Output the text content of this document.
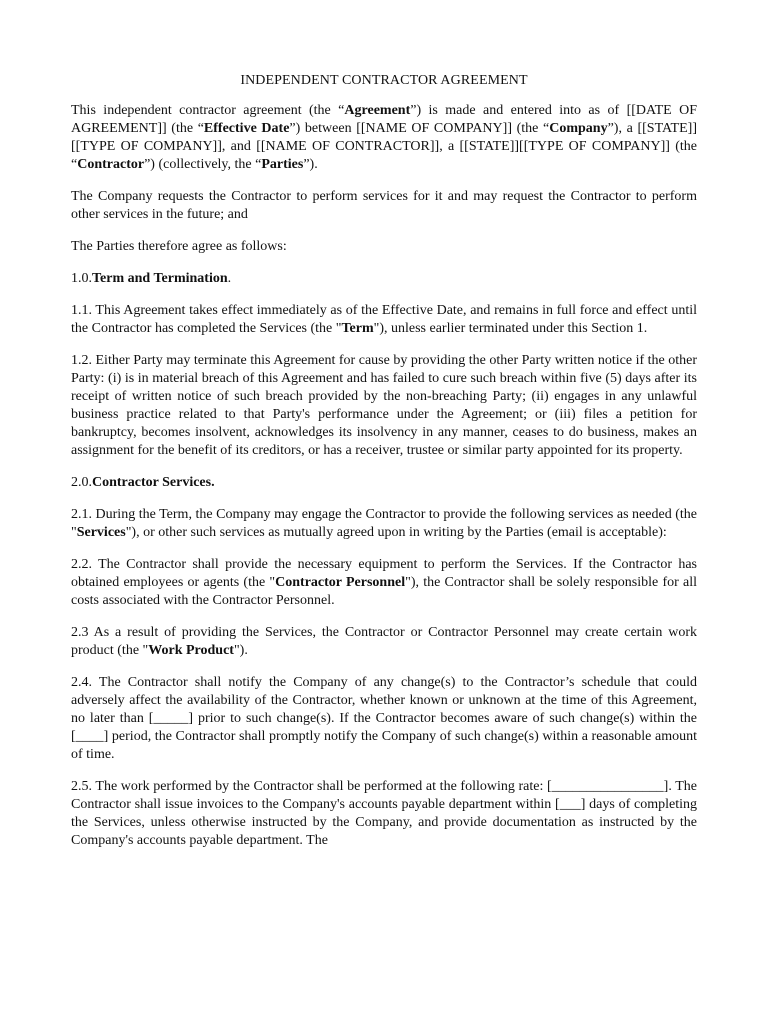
INDEPENDENT CONTRACTOR AGREEMENT

This independent contractor agreement (the “Agreement”) is made and entered into as of [[DATE OF AGREEMENT]] (the “Effective Date”) between [[NAME OF COMPANY]] (the “Company”), a [[STATE]][[TYPE OF COMPANY]], and [[NAME OF CONTRACTOR]], a [[STATE]][[TYPE OF COMPANY]] (the “Contractor”) (collectively, the “Parties”).

The Company requests the Contractor to perform services for it and may request the Contractor to perform other services in the future; and

The Parties therefore agree as follows:

1.0.Term and Termination.

1.1. This Agreement takes effect immediately as of the Effective Date, and remains in full force and effect until the Contractor has completed the Services (the "Term"), unless earlier terminated under this Section 1.

1.2. Either Party may terminate this Agreement for cause by providing the other Party written notice if the other Party: (i) is in material breach of this Agreement and has failed to cure such breach within five (5) days after its receipt of written notice of such breach provided by the non-breaching Party; (ii) engages in any unlawful business practice related to that Party's performance under the Agreement; or (iii) files a petition for bankruptcy, becomes insolvent, acknowledges its insolvency in any manner, ceases to do business, makes an assignment for the benefit of its creditors, or has a receiver, trustee or similar party appointed for its property.

2.0.Contractor Services.

2.1. During the Term, the Company may engage the Contractor to provide the following services as needed (the "Services"), or other such services as mutually agreed upon in writing by the Parties (email is acceptable):

2.2. The Contractor shall provide the necessary equipment to perform the Services. If the Contractor has obtained employees or agents (the "Contractor Personnel"), the Contractor shall be solely responsible for all costs associated with the Contractor Personnel.

2.3 As a result of providing the Services, the Contractor or Contractor Personnel may create certain work product (the "Work Product").

2.4. The Contractor shall notify the Company of any change(s) to the Contractor’s schedule that could adversely affect the availability of the Contractor, whether known or unknown at the time of this Agreement, no later than [_____] prior to such change(s). If the Contractor becomes aware of such change(s) within the [____] period, the Contractor shall promptly notify the Company of such change(s) within a reasonable amount of time.

2.5. The work performed by the Contractor shall be performed at the following rate: [________________]. The Contractor shall issue invoices to the Company's accounts payable department within [___] days of completing the Services, unless otherwise instructed by the Company, and provide documentation as instructed by the Company's accounts payable department. The
